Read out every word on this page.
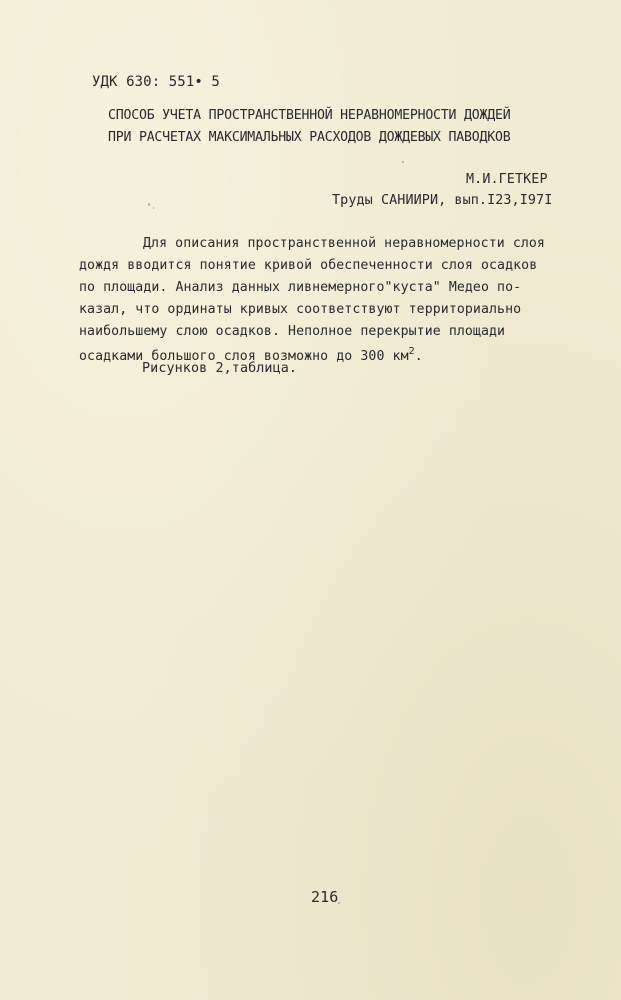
УДК 630: 551• 5
СПОСОБ УЧЕТА ПРОСТРАНСТВЕННОЙ НЕРАВНОМЕРНОСТИ ДОЖДЕЙ
ПРИ РАСЧЕТАХ МАКСИМАЛЬНЫХ РАСХОДОВ ДОЖДЕВЫХ ПАВОДКОВ
М.И.ГЕТКЕР
Труды САНИИРИ, вып.I23,I97I
Для описания пространственной неравномерности слоя
дождя вводится понятие кривой обеспеченности слоя осадков
по площади. Анализ данных ливнемерного"куста" Медео по-
казал, что ординаты кривых соответствуют территориально
наибольшему слою осадков. Неполное перекрытие площади
осадками большого слоя возможно до 300 $км^2$.
Рисунков 2,таблица.
216
